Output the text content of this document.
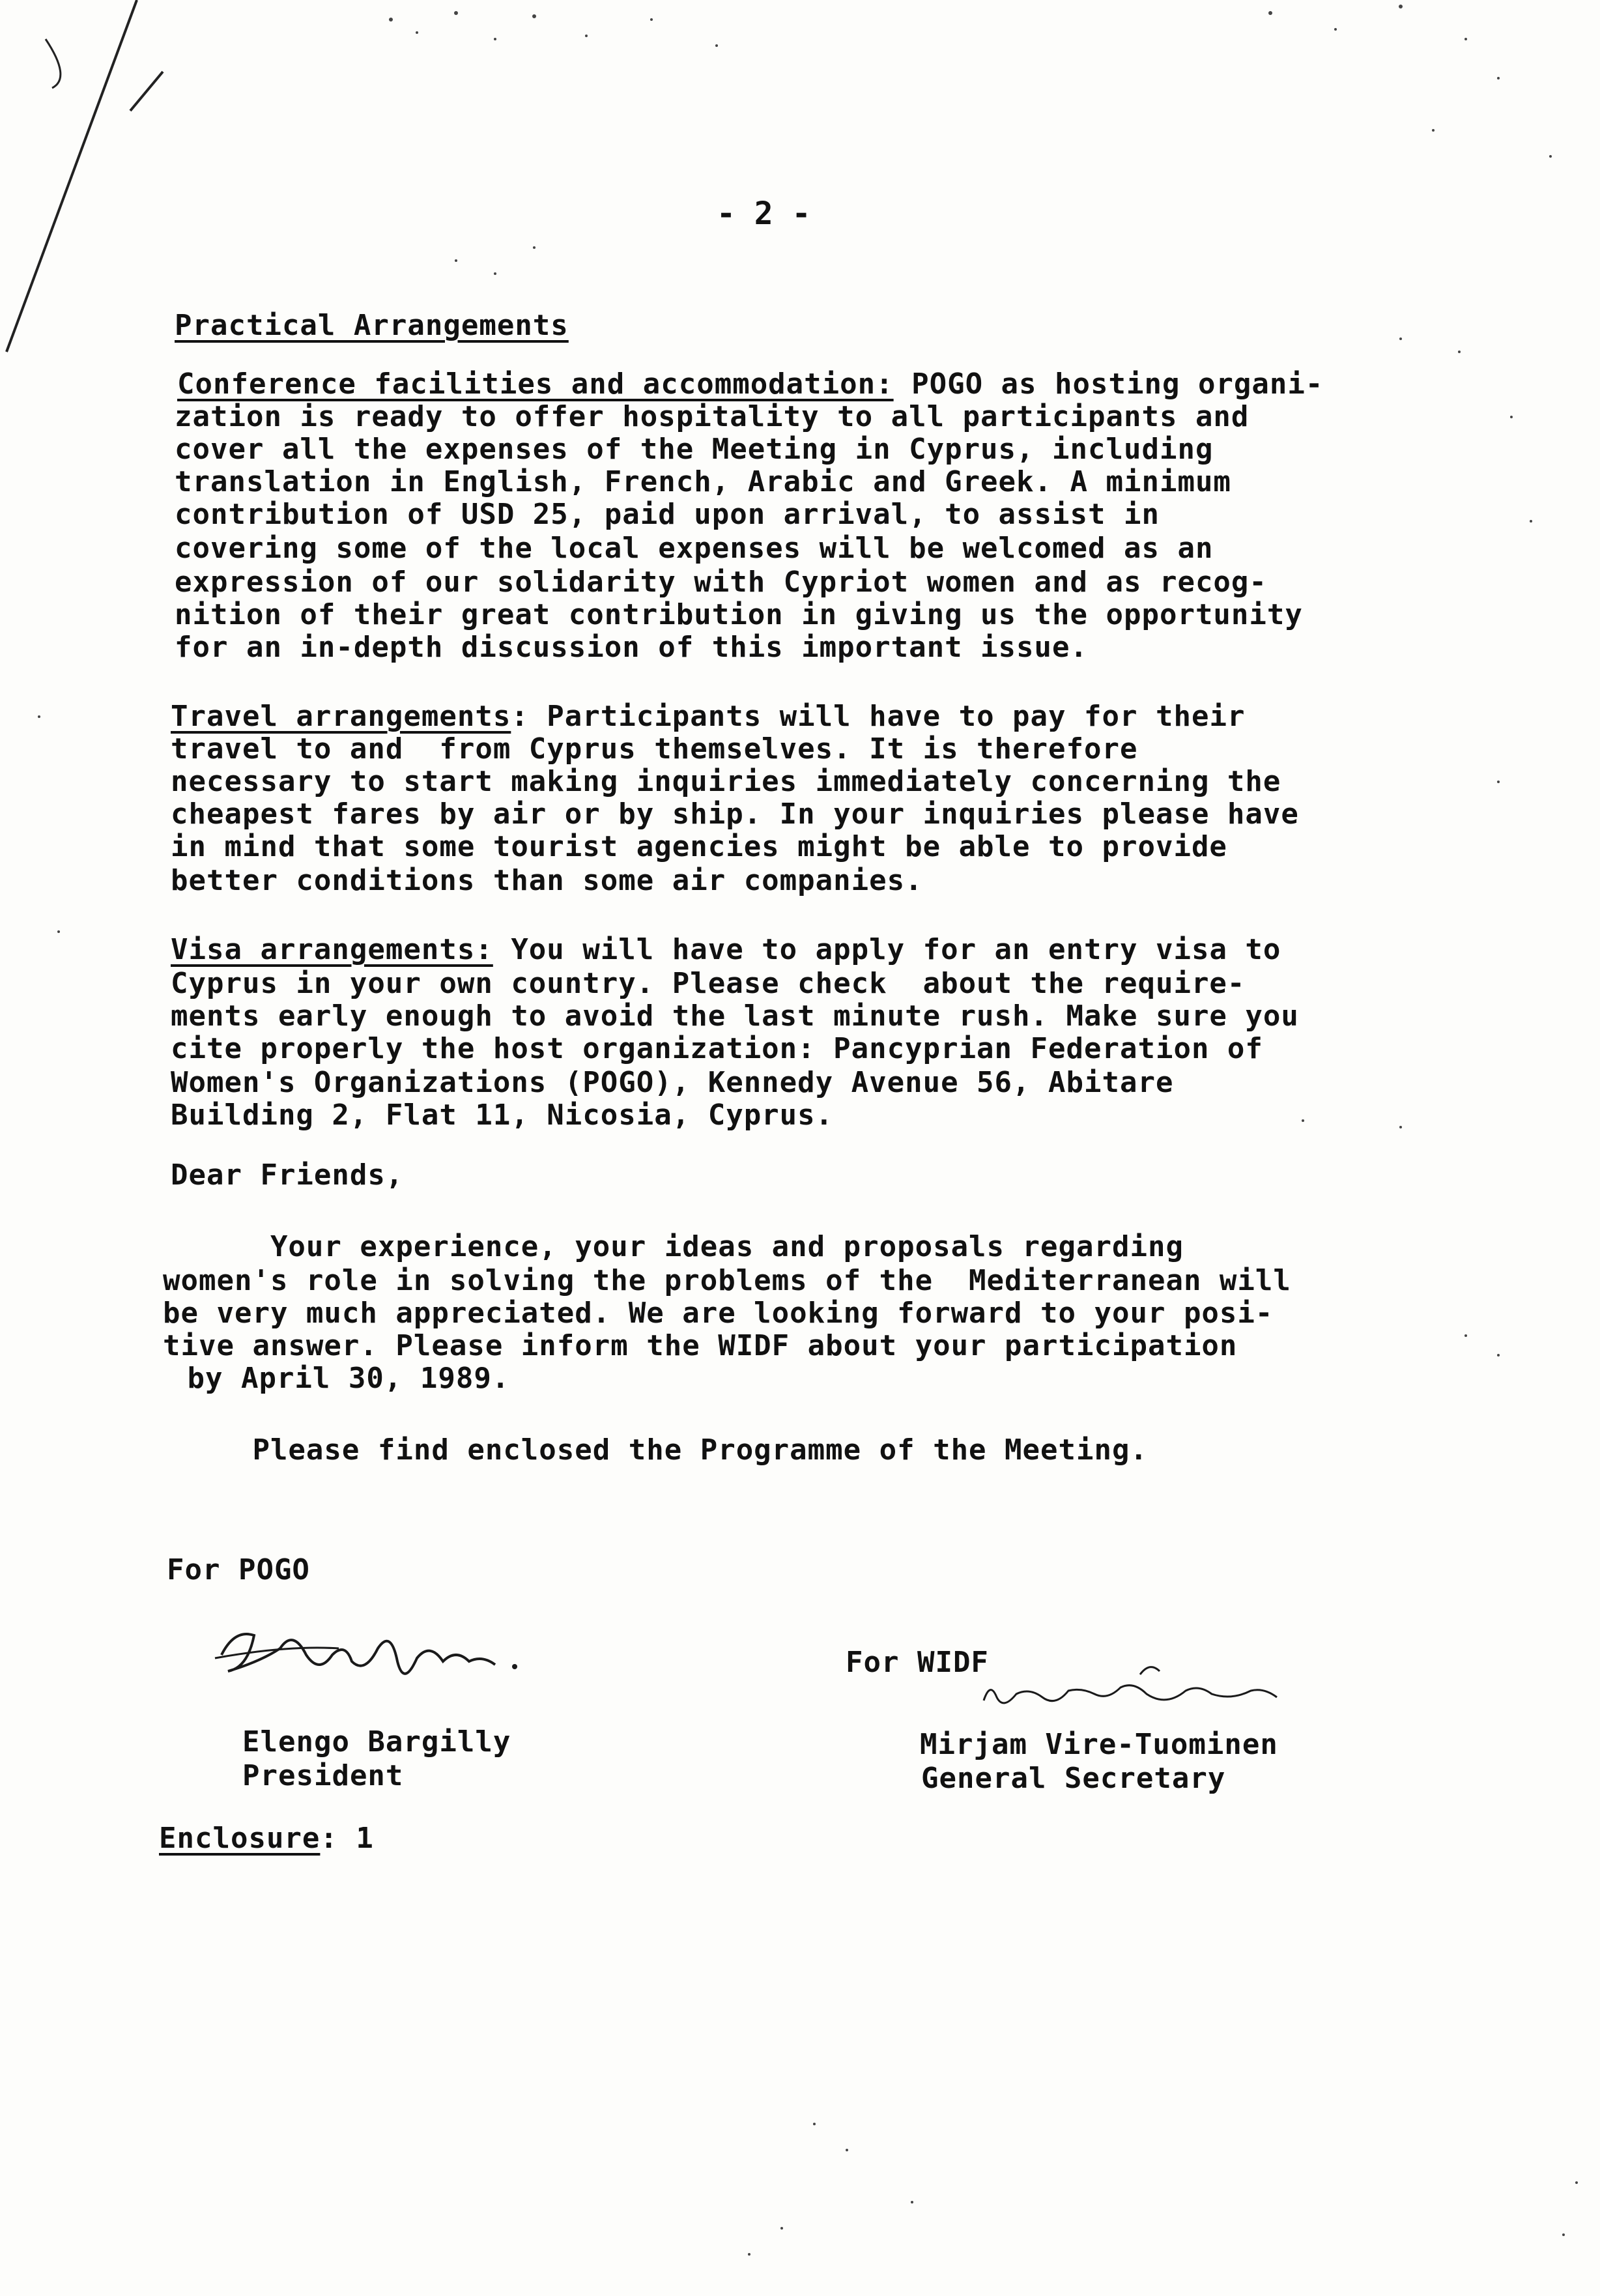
- 2 -
Practical Arrangements
Conference facilities and accommodation: POGO as hosting organi-
zation is ready to offer hospitality to all participants and
cover all the expenses of the Meeting in Cyprus, including
translation in English, French, Arabic and Greek. A minimum
contribution of USD 25, paid upon arrival, to assist in
covering some of the local expenses will be welcomed as an
expression of our solidarity with Cypriot women and as recog-
nition of their great contribution in giving us the opportunity
for an in-depth discussion of this important issue.
Travel arrangements: Participants will have to pay for their
travel to and  from Cyprus themselves. It is therefore
necessary to start making inquiries immediately concerning the
cheapest fares by air or by ship. In your inquiries please have
in mind that some tourist agencies might be able to provide
better conditions than some air companies.
Visa arrangements: You will have to apply for an entry visa to
Cyprus in your own country. Please check  about the require-
ments early enough to avoid the last minute rush. Make sure you
cite properly the host organization: Pancyprian Federation of
Women's Organizations (POGO), Kennedy Avenue 56, Abitare
Building 2, Flat 11, Nicosia, Cyprus.
Dear Friends,
Your experience, your ideas and proposals regarding
women's role in solving the problems of the  Mediterranean will
be very much appreciated. We are looking forward to your posi-
tive answer. Please inform the WIDF about your participation
by April 30, 1989.
Please find enclosed the Programme of the Meeting.
For POGO
Elengo Bargilly
President
For WIDF
Mirjam Vire-Tuominen
General Secretary
Enclosure: 1
